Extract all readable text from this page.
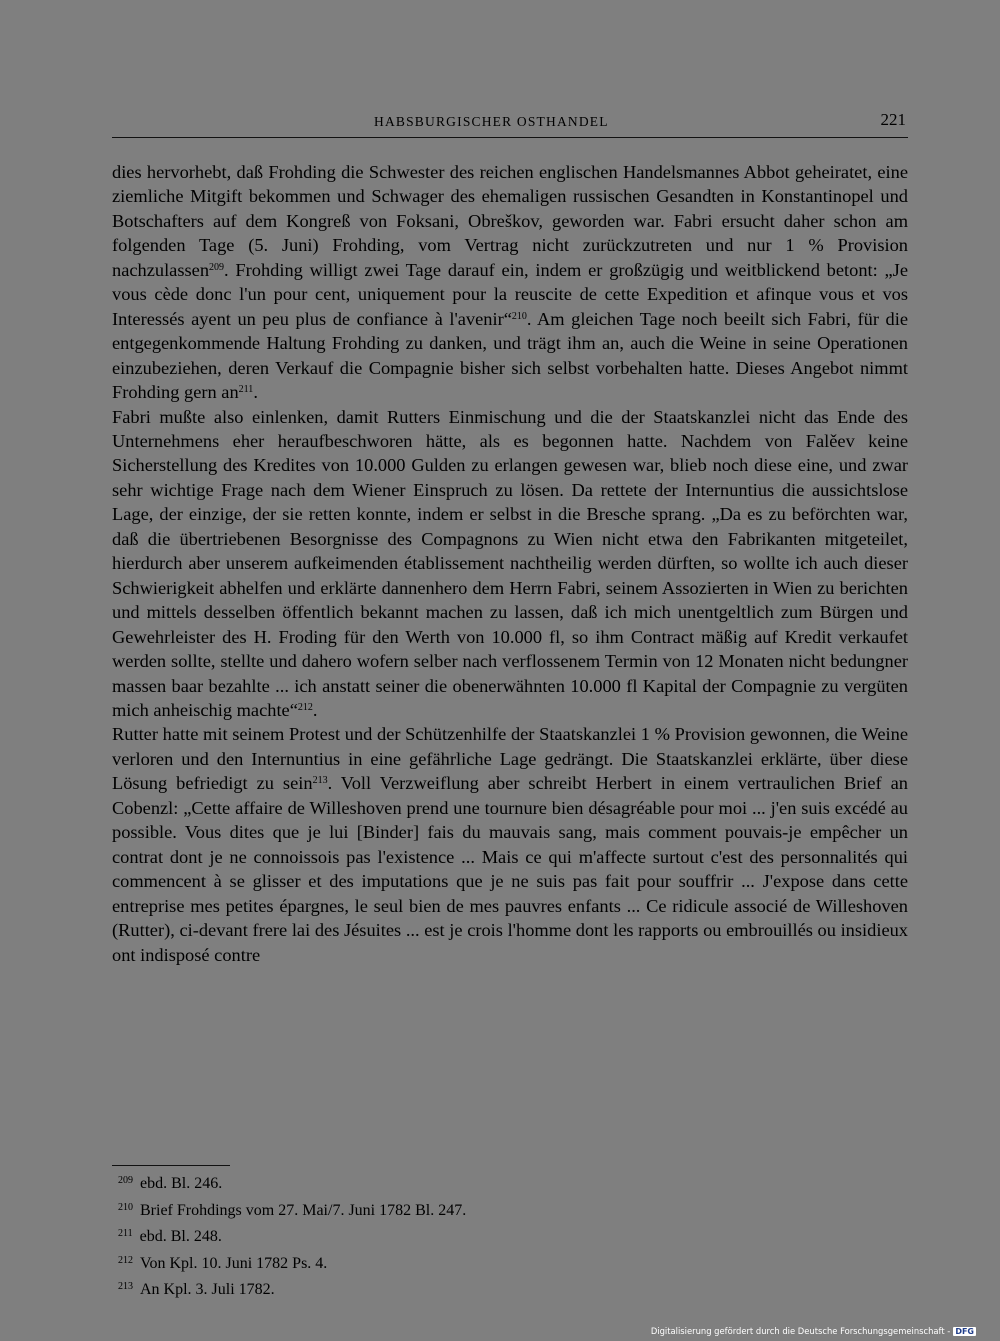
HABSBURGISCHER OSTHANDEL	221

dies hervorhebt, daß Frohding die Schwester des reichen englischen Handelsmannes Abbot geheiratet, eine ziemliche Mitgift bekommen und Schwager des ehemaligen russischen Gesandten in Konstantinopel und Botschafters auf dem Kongreß von Foksani, Obreškov, geworden war. Fabri ersucht daher schon am folgenden Tage (5. Juni) Frohding, vom Vertrag nicht zurückzutreten und nur 1 % Provision nachzulassen$^{209}$. Frohding willigt zwei Tage darauf ein, indem er großzügig und weitblickend betont: „Je vous cède donc l'un pour cent, uniquement pour la reuscite de cette Expedition et afinque vous et vos Interessés ayent un peu plus de confiance à l'avenir“$^{210}$. Am gleichen Tage noch beeilt sich Fabri, für die entgegenkommende Haltung Frohding zu danken, und trägt ihm an, auch die Weine in seine Operationen einzubeziehen, deren Verkauf die Compagnie bisher sich selbst vorbehalten hatte. Dieses Angebot nimmt Frohding gern $an^{211}$.

Fabri mußte also einlenken, damit Rutters Einmischung und die der Staatskanzlei nicht das Ende des Unternehmens eher heraufbeschworen hätte, als es begonnen hatte. Nachdem von Falěev keine Sicherstellung des Kredites von 10.000 Gulden zu erlangen gewesen war, blieb noch diese eine, und zwar sehr wichtige Frage nach dem Wiener Einspruch zu lösen. Da rettete der Internuntius die aussichtslose Lage, der einzige, der sie retten konnte, indem er selbst in die Bresche sprang. „Da es zu beförchten war, daß die übertriebenen Besorgnisse des Compagnons zu Wien nicht etwa den Fabrikanten mitgeteilet, hierdurch aber unserem aufkeimenden établissement nachtheilig werden dürften, so wollte ich auch dieser Schwierigkeit abhelfen und erklärte dannenhero dem Herrn Fabri, seinem Assozierten in Wien zu berichten und mittels desselben öffentlich bekannt machen zu lassen, daß ich mich unentgeltlich zum Bürgen und Gewehrleister des H. Froding für den Werth von 10.000 fl, so ihm Contract mäßig auf Kredit verkaufet werden sollte, stellte und dahero wofern selber nach verflossenem Termin von 12 Monaten nicht bedungner massen baar bezahlte ... ich anstatt seiner die obenerwähnten 10.000 fl Kapital der Compagnie zu vergüten mich anheischig machte“$^{212}$.

Rutter hatte mit seinem Protest und der Schützenhilfe der Staatskanzlei 1 % Provision gewonnen, die Weine verloren und den Internuntius in eine gefährliche Lage gedrängt. Die Staatskanzlei erklärte, über diese Lösung befriedigt zu sein$^{213}$. Voll Verzweiflung aber schreibt Herbert in einem vertraulichen Brief an Cobenzl: „Cette affaire de Willeshoven prend une tournure bien désagréable pour moi ... j'en suis excédé au possible. Vous dites que je lui [Binder] fais du mauvais sang, mais comment pouvais-je empêcher un contrat dont je ne connoissois pas l'existence ... Mais ce qui m'affecte surtout c'est des personnalités qui commencent à se glisser et des imputations que je ne suis pas fait pour souffrir ... J'expose dans cette entreprise mes petites épargnes, le seul bien de mes pauvres enfants ... Ce ridicule associé de Willeshoven (Rutter), ci-devant frere lai des Jésuites ... est je crois l'homme dont les rapports ou embrouillés ou insidieux ont indisposé contre

$^{209}$ ebd. Bl. 246.
$^{210}$ Brief Frohdings vom 27. Mai/7. Juni 1782 Bl. 247.
$^{211}$ ebd. Bl. 248.
$^{212}$ Von Kpl. 10. Juni 1782 Ps. 4.
$^{213}$ An Kpl. 3. Juli 1782.
Digitalisierung gefördert durch die Deutsche Forschungsgemeinschaft - DFG
